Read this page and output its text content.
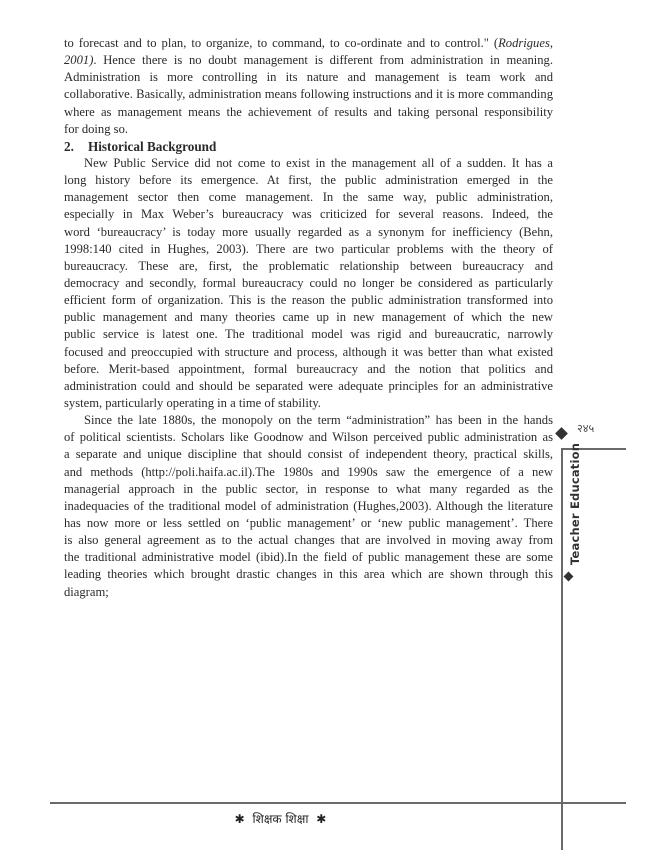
to forecast and to plan, to organize, to command, to co-ordinate and to control." (Rodrigues,
2001). Hence there is no doubt management is different from administration in meaning.
Administration is more controlling in its nature and management is team work and
collaborative. Basically, administration means following instructions and it is more commanding
where as management means the achievement of results and taking personal responsibility
for doing so.
2. Historical Background
New Public Service did not come to exist in the management all of a sudden. It has a
long history before its emergence. At first, the public administration emerged in the
management sector then come management. In the same way, public administration,
especially in Max Weber’s bureaucracy was criticized for several reasons. Indeed, the
word ‘bureaucracy’ is today more usually regarded as a synonym for inefficiency (Behn,
1998:140 cited in Hughes, 2003). There are two particular problems with the theory of
bureaucracy. These are, first, the problematic relationship between bureaucracy and
democracy and secondly, formal bureaucracy could no longer be considered as particularly
efficient form of organization. This is the reason the public administration transformed into
public management and many theories came up in new management of which the new
public service is latest one. The traditional model was rigid and bureaucratic, narrowly
focused and preoccupied with structure and process, although it was better than what existed
before. Merit-based appointment, formal bureaucracy and the notion that politics and
administration could and should be separated were adequate principles for an administrative
system, particularly operating in a time of stability.
Since the late 1880s, the monopoly on the term “administration” has been in the hands
of political scientists. Scholars like Goodnow and Wilson perceived public administration as
a separate and unique discipline that should consist of independent theory, practical skills,
and methods (http://poli.haifa.ac.il).The 1980s and 1990s saw the emergence of a new
managerial approach in the public sector, in response to what many regarded as the
inadequacies of the traditional model of administration (Hughes,2003). Although the literature
has now more or less settled on ‘public management’ or ‘new public management’. There
is also general agreement as to the actual changes that are involved in moving away from
the traditional administrative model (ibid).In the field of public management these are some
leading theories which brought drastic changes in this area which are shown through this
diagram;
२४५
Teacher Education
✱ शिक्षक शिक्षा ✱
